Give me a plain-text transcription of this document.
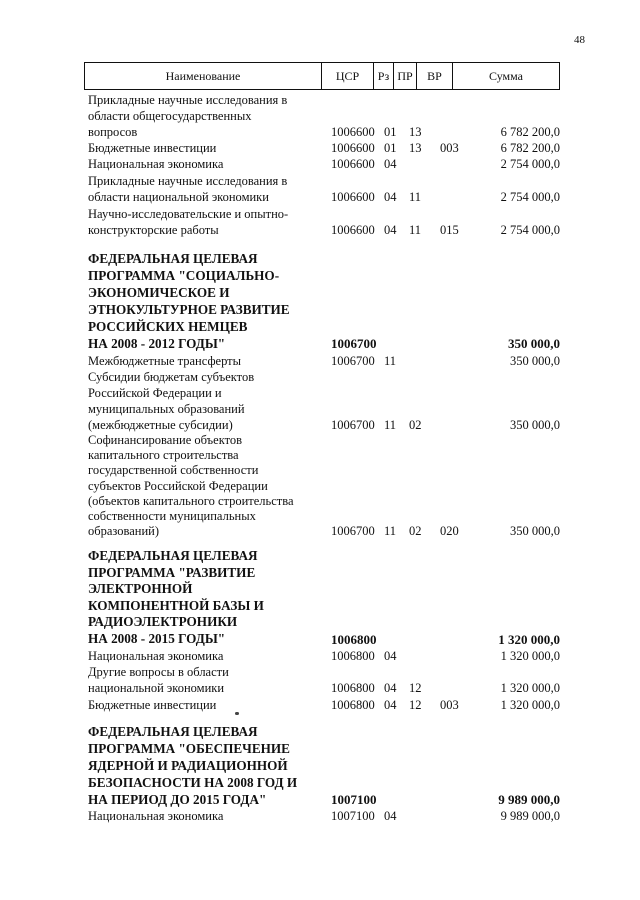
48
Наименование	ЦСР	Рз ПР	ВР	Сумма
Прикладные научные исследования в
области общегосударственных
вопросов	1006600 01 13	6 782 200,0
Бюджетные инвестиции	1006600 01 13 003	6 782 200,0
Национальная экономика	1006600 04	2 754 000,0
Прикладные научные исследования в
области национальной экономики	1006600 04 11	2 754 000,0
Научно-исследовательские и опытно-
конструкторские работы	1006600 04 11 015	2 754 000,0
ФЕДЕРАЛЬНАЯ ЦЕЛЕВАЯ
ПРОГРАММА "СОЦИАЛЬНО-
ЭКОНОМИЧЕСКОЕ И
ЭТНОКУЛЬТУРНОЕ РАЗВИТИЕ
РОССИЙСКИХ НЕМЦЕВ
НА 2008 - 2012 ГОДЫ"	1006700	350 000,0
Межбюджетные трансферты	1006700 11	350 000,0
Субсидии бюджетам субъектов
Российской Федерации и
муниципальных образований
(межбюджетные субсидии)	1006700 11 02	350 000,0
Софинансирование объектов
капитального строительства
государственной собственности
субъектов Российской Федерации
(объектов капитального строительства
собственности муниципальных
образований)	1006700 11 02 020	350 000,0
ФЕДЕРАЛЬНАЯ ЦЕЛЕВАЯ
ПРОГРАММА "РАЗВИТИЕ
ЭЛЕКТРОННОЙ
КОМПОНЕНТНОЙ БАЗЫ И
РАДИОЭЛЕКТРОНИКИ
НА 2008 - 2015 ГОДЫ"	1006800	1 320 000,0
Национальная экономика	1006800 04	1 320 000,0
Другие вопросы в области
национальной экономики	1006800 04 12	1 320 000,0
Бюджетные инвестиции	1006800 04 12 003	1 320 000,0
ФЕДЕРАЛЬНАЯ ЦЕЛЕВАЯ
ПРОГРАММА "ОБЕСПЕЧЕНИЕ
ЯДЕРНОЙ И РАДИАЦИОННОЙ
БЕЗОПАСНОСТИ НА 2008 ГОД И
НА ПЕРИОД ДО 2015 ГОДА"	1007100	9 989 000,0
Национальная экономика	1007100 04	9 989 000,0
